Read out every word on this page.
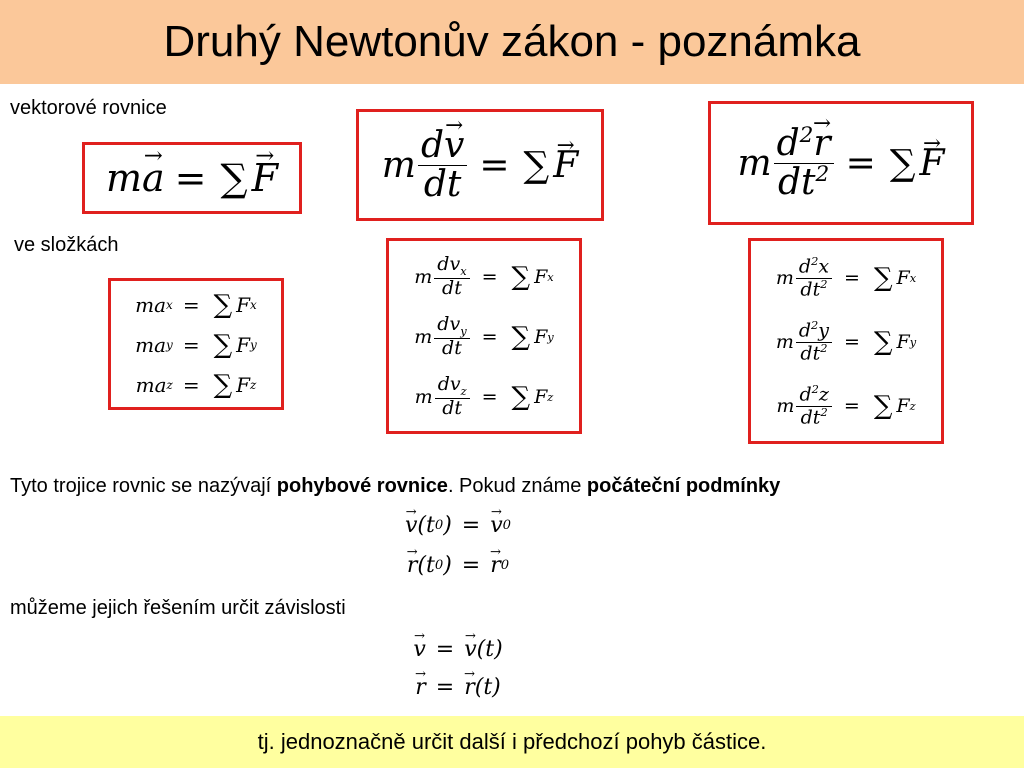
Druhý Newtonův zákon - poznámka
vektorové rovnice
m → a = ∑ → F	m $\frac{d\to v}{dt}$ = ∑ → F	m $\frac{d^2\to r}{dt^2}$ = ∑ → F
ve složkách
ma x = ∑ F x
ma y = ∑ F y
ma z = ∑ F z
m $\frac{dv_x}{dt}$ = ∑ F x
m $\frac{dv_y}{dt}$ = ∑ F y
m $\frac{dv_z}{dt}$ = ∑ F z
m $\frac{d^2x}{dt^2}$ = ∑ F x
m $\frac{d^2y}{dt^2}$ = ∑ F y
m $\frac{d^2z}{dt^2}$ = ∑ F z
Tyto trojice rovnic se nazývají pohybové rovnice. Pokud známe počáteční podmínky
→ v (t 0 ) = → v 0
→ r (t 0 ) = → r 0
můžeme jejich řešením určit závislosti
→ v = → v (t)
→ r = → r (t)
tj. jednoznačně určit další i předchozí pohyb částice.
